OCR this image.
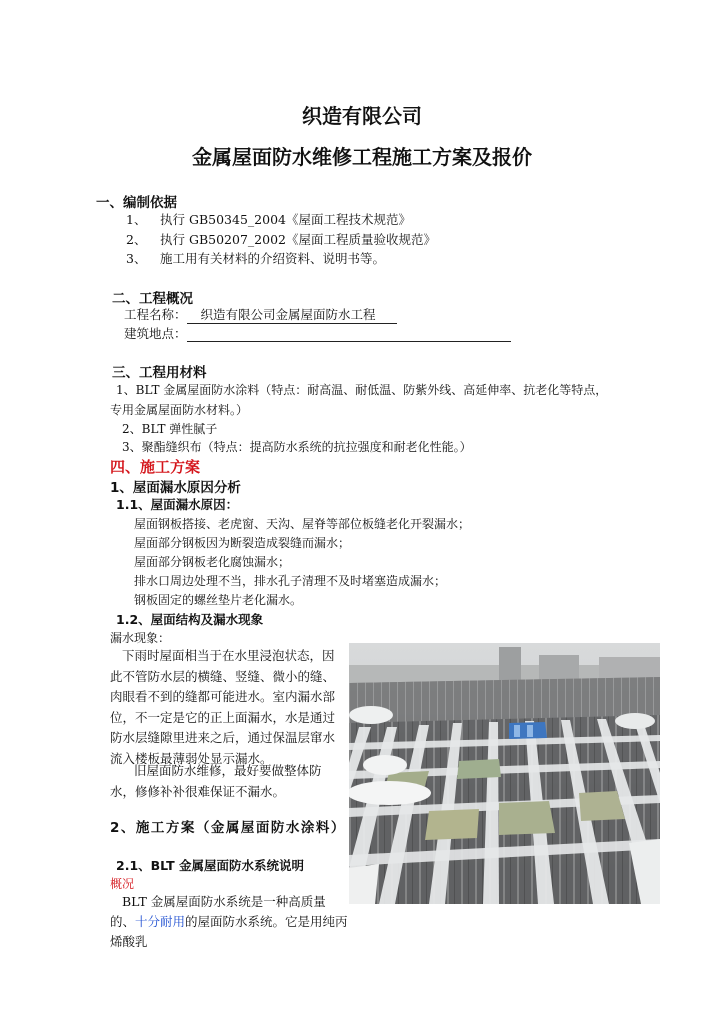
织造有限公司
金属屋面防水维修工程施工方案及报价
一、编制依据
1、 执行 GB50345_2004《屋面工程技术规范》
2、 执行 GB50207_2002《屋面工程质量验收规范》
3、 施工用有关材料的介绍资料、说明书等。
二、工程概况
工程名称： 织造有限公司金属屋面防水工程
建筑地点：
三、工程用材料
1、BLT 金属屋面防水涂料（特点：耐高温、耐低温、防紫外线、高延伸率、抗老化等特点，
专用金属屋面防水材料。）
2、BLT 弹性腻子
3、聚酯缝织布（特点：提高防水系统的抗拉强度和耐老化性能。）
四、施工方案
1、屋面漏水原因分析
1.1、屋面漏水原因：
屋面钢板搭接、老虎窗、天沟、屋脊等部位板缝老化开裂漏水；
屋面部分钢板因为断裂造成裂缝而漏水；
屋面部分钢板老化腐蚀漏水；
排水口周边处理不当，排水孔子清理不及时堵塞造成漏水；
钢板固定的螺丝垫片老化漏水。
1.2、屋面结构及漏水现象
漏水现象：
下雨时屋面相当于在水里浸泡状态，因此不管防水层的横缝、竖缝、微小的缝、肉眼看不到的缝都可能进水。室内漏水部位，不一定是它的正上面漏水，水是通过防水层缝隙里进来之后，通过保温层窜水流入楼板最薄弱处显示漏水。
旧屋面防水维修，最好要做整体防水，修修补补很难保证不漏水。
2、施工方案（金属屋面防水涂料）
2.1、BLT 金属屋面防水系统说明
概况
BLT 金属屋面防水系统是一种高质量的、十分耐用的屋面防水系统。它是用纯丙烯酸乳
